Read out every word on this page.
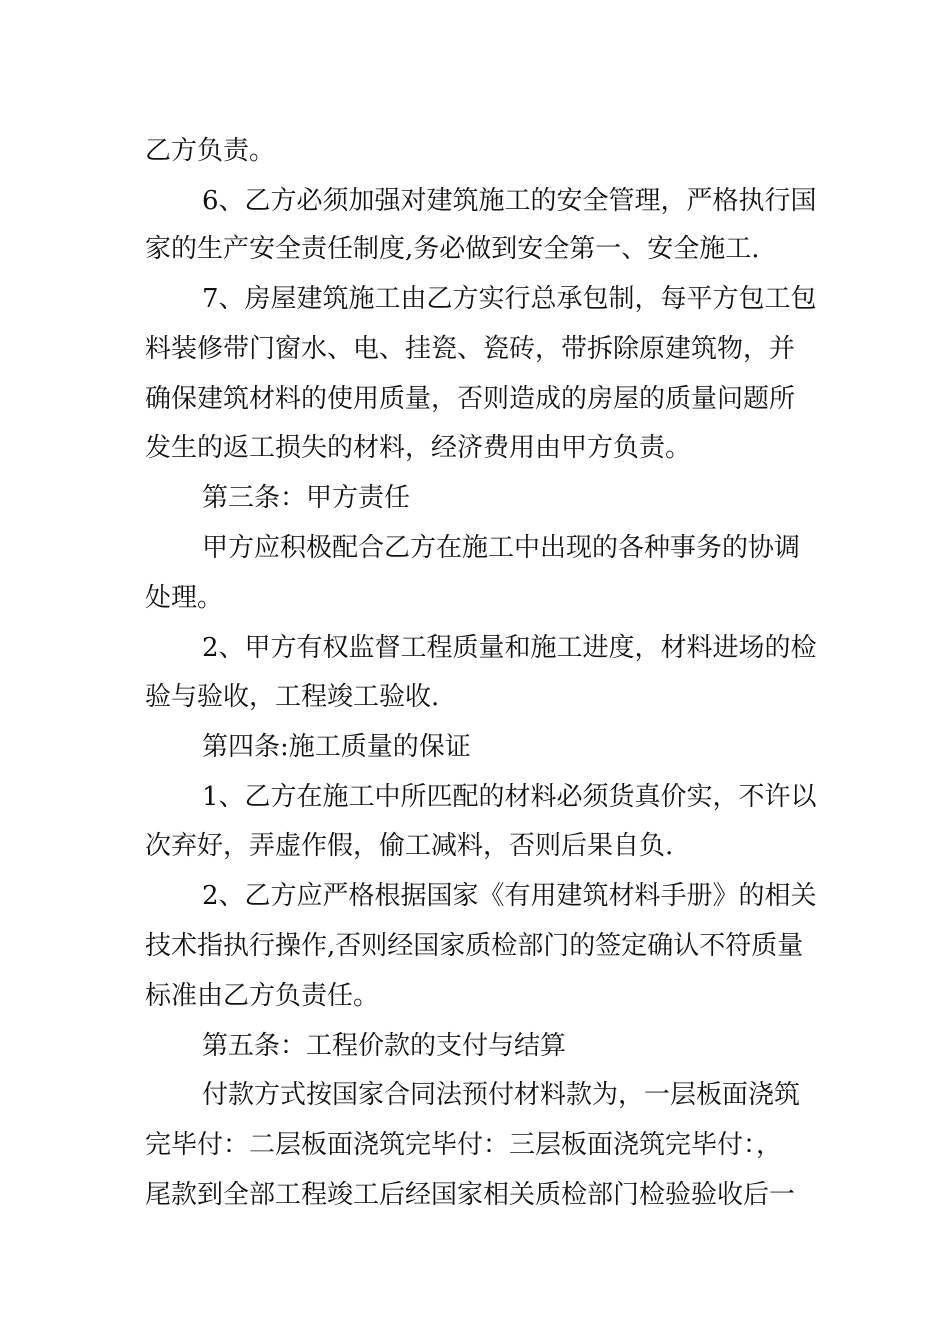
乙方负责。
6、乙方必须加强对建筑施工的安全管理，严格执行国
家的生产安全责任制度,务必做到安全第一、安全施工.
7、房屋建筑施工由乙方实行总承包制，每平方包工包
料装修带门窗水、电、挂瓷、瓷砖，带拆除原建筑物，并
确保建筑材料的使用质量，否则造成的房屋的质量问题所
发生的返工损失的材料，经济费用由甲方负责。
第三条：甲方责任
甲方应积极配合乙方在施工中出现的各种事务的协调
处理。
2、甲方有权监督工程质量和施工进度，材料进场的检
验与验收，工程竣工验收.
第四条:施工质量的保证
1、乙方在施工中所匹配的材料必须货真价实，不许以
次弃好，弄虚作假，偷工减料，否则后果自负.
2、乙方应严格根据国家《有用建筑材料手册》的相关
技术指执行操作,否则经国家质检部门的签定确认不符质量
标准由乙方负责任。
第五条：工程价款的支付与结算
付款方式按国家合同法预付材料款为，一层板面浇筑
完毕付：二层板面浇筑完毕付：三层板面浇筑完毕付：，
尾款到全部工程竣工后经国家相关质检部门检验验收后一
